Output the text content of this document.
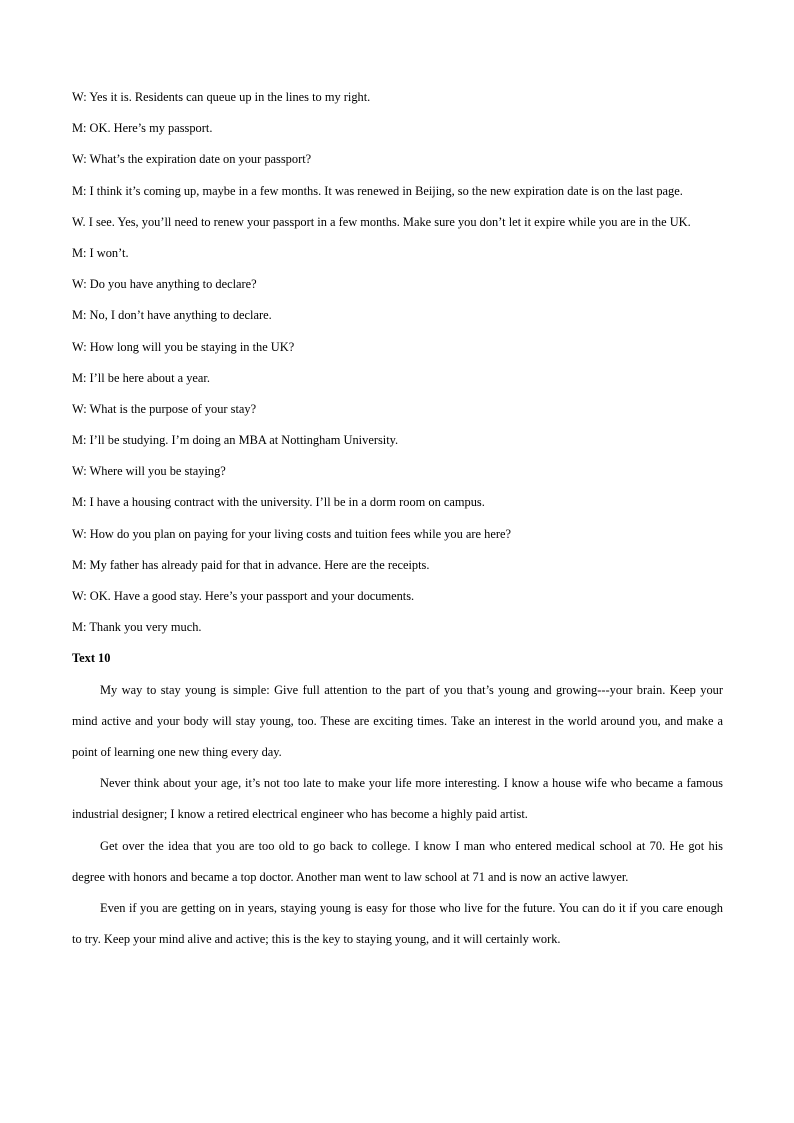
W: Yes it is. Residents can queue up in the lines to my right.
M: OK. Here’s my passport.
W: What’s the expiration date on your passport?

M: I think it’s coming up, maybe in a few months. It was renewed in Beijing, so the new expiration date is on the last page.

W. I see. Yes, you’ll need to renew your passport in a few months. Make sure you don’t let it expire while you are in the UK.

M: I won’t.
W: Do you have anything to declare?
M: No, I don’t have anything to declare.
W: How long will you be staying in the UK?
M: I’ll be here about a year.
W: What is the purpose of your stay?
M: I’ll be studying. I’m doing an MBA at Nottingham University.
W: Where will you be staying?
M: I have a housing contract with the university. I’ll be in a dorm room on campus.
W: How do you plan on paying for your living costs and tuition fees while you are here?
M: My father has already paid for that in advance. Here are the receipts.
W: OK. Have a good stay. Here’s your passport and your documents.
M: Thank you very much.
Text 10

My way to stay young is simple: Give full attention to the part of you that’s young and growing---your brain. Keep your mind active and your body will stay young, too. These are exciting times. Take an interest in the world around you, and make a point of learning one new thing every day.

Never think about your age, it’s not too late to make your life more interesting. I know a house wife who became a famous industrial designer; I know a retired electrical engineer who has become a highly paid artist.

Get over the idea that you are too old to go back to college. I know I man who entered medical school at 70. He got his degree with honors and became a top doctor. Another man went to law school at 71 and is now an active lawyer.

Even if you are getting on in years, staying young is easy for those who live for the future. You can do it if you care enough to try. Keep your mind alive and active; this is the key to staying young, and it will certainly work.
